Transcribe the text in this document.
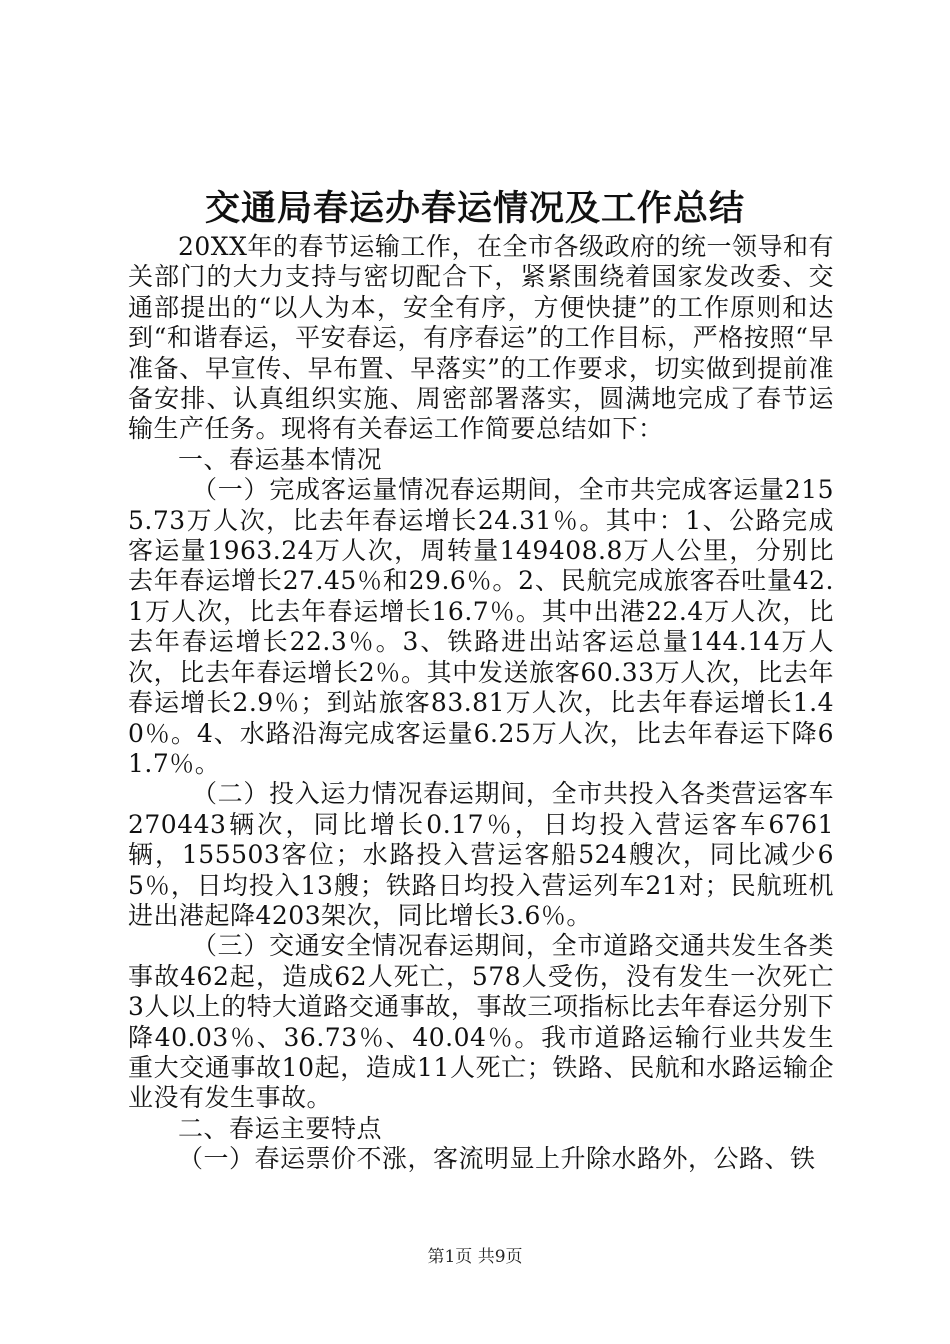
交通局春运办春运情况及工作总结

20XX年的春节运输工作，在全市各级政府的统一领导和有关部门的大力支持与密切配合下，紧紧围绕着国家发改委、交通部提出的“以人为本，安全有序，方便快捷”的工作原则和达到“和谐春运，平安春运，有序春运”的工作目标，严格按照“早准备、早宣传、早布置、早落实”的工作要求，切实做到提前准备安排、认真组织实施、周密部署落实，圆满地完成了春节运输生产任务。现将有关春运工作简要总结如下：

一、春运基本情况

（一）完成客运量情况春运期间，全市共完成客运量2155.73万人次，比去年春运增长24.31％。其中：1、公路完成客运量1963.24万人次，周转量149408.8万人公里，分别比去年春运增长27.45％和29.6％。2、民航完成旅客吞吐量42.1万人次，比去年春运增长16.7％。其中出港22.4万人次，比去年春运增长22.3％。3、铁路进出站客运总量144.14万人次，比去年春运增长2％。其中发送旅客60.33万人次，比去年春运增长2.9％；到站旅客83.81万人次，比去年春运增长1.40％。4、水路沿海完成客运量6.25万人次，比去年春运下降61.7％。

（二）投入运力情况春运期间，全市共投入各类营运客车270443辆次，同比增长0.17％，日均投入营运客车6761辆，155503客位；水路投入营运客船524艘次，同比减少65％，日均投入13艘；铁路日均投入营运列车21对；民航班机进出港起降4203架次，同比增长3.6％。

（三）交通安全情况春运期间，全市道路交通共发生各类事故462起，造成62人死亡，578人受伤，没有发生一次死亡3人以上的特大道路交通事故，事故三项指标比去年春运分别下降40.03％、36.73％、40.04％。我市道路运输行业共发生重大交通事故10起，造成11人死亡；铁路、民航和水路运输企业没有发生事故。

二、春运主要特点

（一）春运票价不涨，客流明显上升除水路外，公路、铁

第1页 共9页
